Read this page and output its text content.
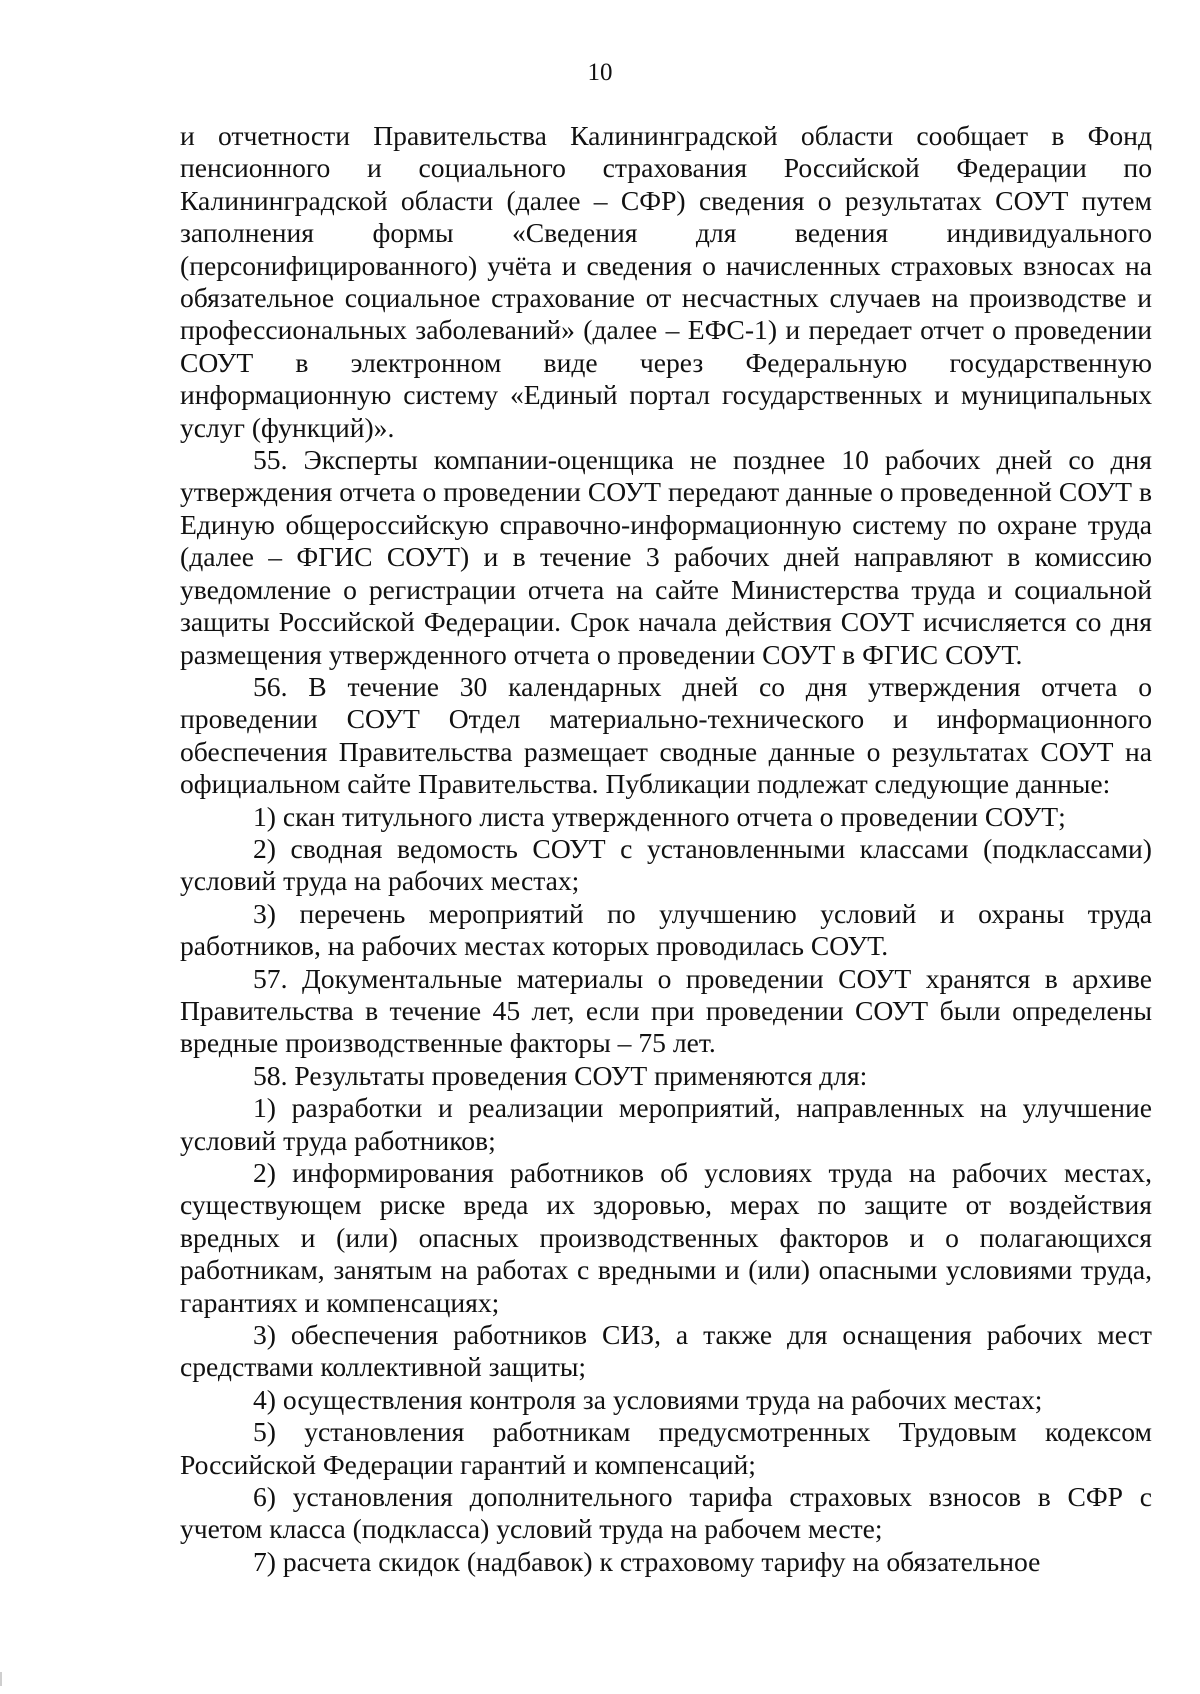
10

и отчетности Правительства Калининградской области сообщает в Фонд пенсионного и социального страхования Российской Федерации по Калининградской области (далее – СФР) сведения о результатах СОУТ путем заполнения формы «Сведения для ведения индивидуального (персонифицированного) учёта и сведения о начисленных страховых взносах на обязательное социальное страхование от несчастных случаев на производстве и профессиональных заболеваний» (далее – ЕФС-1) и передает отчет о проведении СОУТ в электронном виде через Федеральную государственную информационную систему «Единый портал государственных и муниципальных услуг (функций)».

55. Эксперты компании-оценщика не позднее 10 рабочих дней со дня утверждения отчета о проведении СОУТ передают данные о проведенной СОУТ в Единую общероссийскую справочно-информационную систему по охране труда (далее – ФГИС СОУТ) и в течение 3 рабочих дней направляют в комиссию уведомление о регистрации отчета на сайте Министерства труда и социальной защиты Российской Федерации. Срок начала действия СОУТ исчисляется со дня размещения утвержденного отчета о проведении СОУТ в ФГИС СОУТ.

56. В течение 30 календарных дней со дня утверждения отчета о проведении СОУТ Отдел материально-технического и информационного обеспечения Правительства размещает сводные данные о результатах СОУТ на официальном сайте Правительства. Публикации подлежат следующие данные:

1) скан титульного листа утвержденного отчета о проведении СОУТ;

2) сводная ведомость СОУТ с установленными классами (подклассами) условий труда на рабочих местах;

3) перечень мероприятий по улучшению условий и охраны труда работников, на рабочих местах которых проводилась СОУТ.

57. Документальные материалы о проведении СОУТ хранятся в архиве Правительства в течение 45 лет, если при проведении СОУТ были определены вредные производственные факторы – 75 лет.

58. Результаты проведения СОУТ применяются для:

1) разработки и реализации мероприятий, направленных на улучшение условий труда работников;

2) информирования работников об условиях труда на рабочих местах, существующем риске вреда их здоровью, мерах по защите от воздействия вредных и (или) опасных производственных факторов и о полагающихся работникам, занятым на работах с вредными и (или) опасными условиями труда, гарантиях и компенсациях;

3) обеспечения работников СИЗ, а также для оснащения рабочих мест средствами коллективной защиты;

4) осуществления контроля за условиями труда на рабочих местах;

5) установления работникам предусмотренных Трудовым кодексом Российской Федерации гарантий и компенсаций;

6) установления дополнительного тарифа страховых взносов в СФР с учетом класса (подкласса) условий труда на рабочем месте;

7) расчета скидок (надбавок) к страховому тарифу на обязательное
